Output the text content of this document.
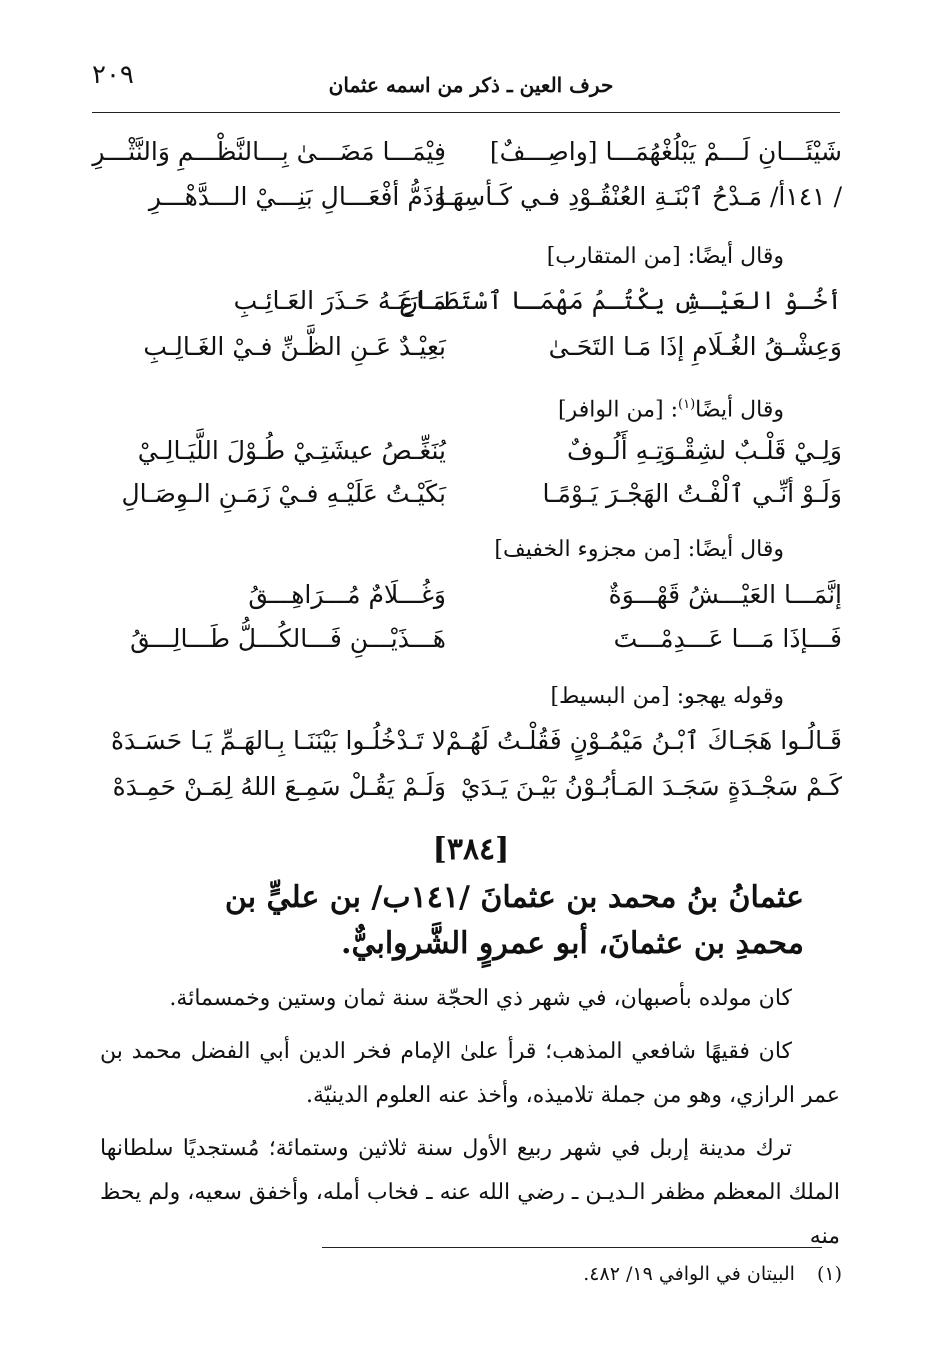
٢٠٩	حرف العين ـ ذكر من اسمه عثمان
شَيْئَـــانِ لَـــمْ يَبْلُغْهُمَـــا [واصِـــفٌ]
فِيْمَـــا مَضَـــىٰ بِـــالنَّظْـــمِ وَالنَّثْـــرِ
/ ١٤١أ/ مَـدْحُ ٱبْنَـةِ العُنْقُـوْدِ فـي كَـأسِهَـا
وَذَمُّ أفْعَـــالِ بَنِـــيْ الـــدَّهْـــرِ
وقال أيضًا: [من المتقارب]
أخُـوْ العَيْـشِ يكْتُـمُ مَهْمَـا ٱسْتَطَـاعَ
مَـارَبَـهُ حَـذَرَ العَـائِـبِ
وَعِشْـقُ الغُـلَامِ إذَا مَـا التَحَـىٰ
بَعِيْـدٌ عَـنِ الظَّـنِّ فـيْ الغَـالِـبِ
وقال أيضًا$^{(١)}$: [من الوافر]
وَلِـيْ قَلْـبٌ لشِقْـوَتِـهِ أَلُـوفٌ
يُنَغِّـصُ عيشَتِـيْ طُـوْلَ اللَّيَـالِـيْ
وَلَـوْ أنِّـي ٱلْفْـتُ الهَجْـرَ يَـوْمًـا
بَكَيْـتُ عَلَيْـهِ فـيْ زَمَـنِ الـوِصَـالِ
وقال أيضًا: [من مجزوء الخفيف]
إنَّمَـــا العَيْـــشُ قَهْـــوَةٌ
وَغُـــلَامٌ مُـــرَاهِـــقُ
فَـــإذَا مَـــا عَـــدِمْـــتَ
هَـــذَيْـــنِ فَـــالكُـــلُّ طَـــالِـــقُ
وقوله يهجو: [من البسيط]
قَـالُـوا هَجَـاكَ ٱبْـنُ مَيْمُـوْنٍ فَقُلْـتُ لَهُـمْ
لا تَـدْخُلُـوا بَيْنَنَـا بِـالهَـمِّ يَـا حَسَـدَهْ
كَـمْ سَجْـدَةٍ سَجَـدَ المَـأبُـوْنُ بَيْـنَ يَـدَيْ
وَلَـمْ يَقُـلْ سَمِـعَ اللهُ لِمَـنْ حَمِـدَهْ
[٣٨٤]
عثمانُ بنُ محمد بن عثمانَ /١٤١ب/ بن عليٍّ بن محمدِ بن عثمانَ، أبو عمروٍ الشَّروابيٌّ.
كان مولده بأصبهان، في شهر ذي الحجّة سنة ثمان وستين وخمسمائة.
كان فقيهًا شافعي المذهب؛ قرأ علىٰ الإمام فخر الدين أبي الفضل محمد بن عمر الرازي، وهو من جملة تلاميذه، وأخذ عنه العلوم الدينيّة.
ترك مدينة إربل في شهر ربيع الأول سنة ثلاثين وستمائة؛ مُستجديًا سلطانها الملك المعظم مظفر الـديـن ـ رضي الله عنه ـ فخاب أمله، وأخفق سعيه، ولم يحظ منه
(١)البيتان في الوافي ١٩/ ٤٨٢.
